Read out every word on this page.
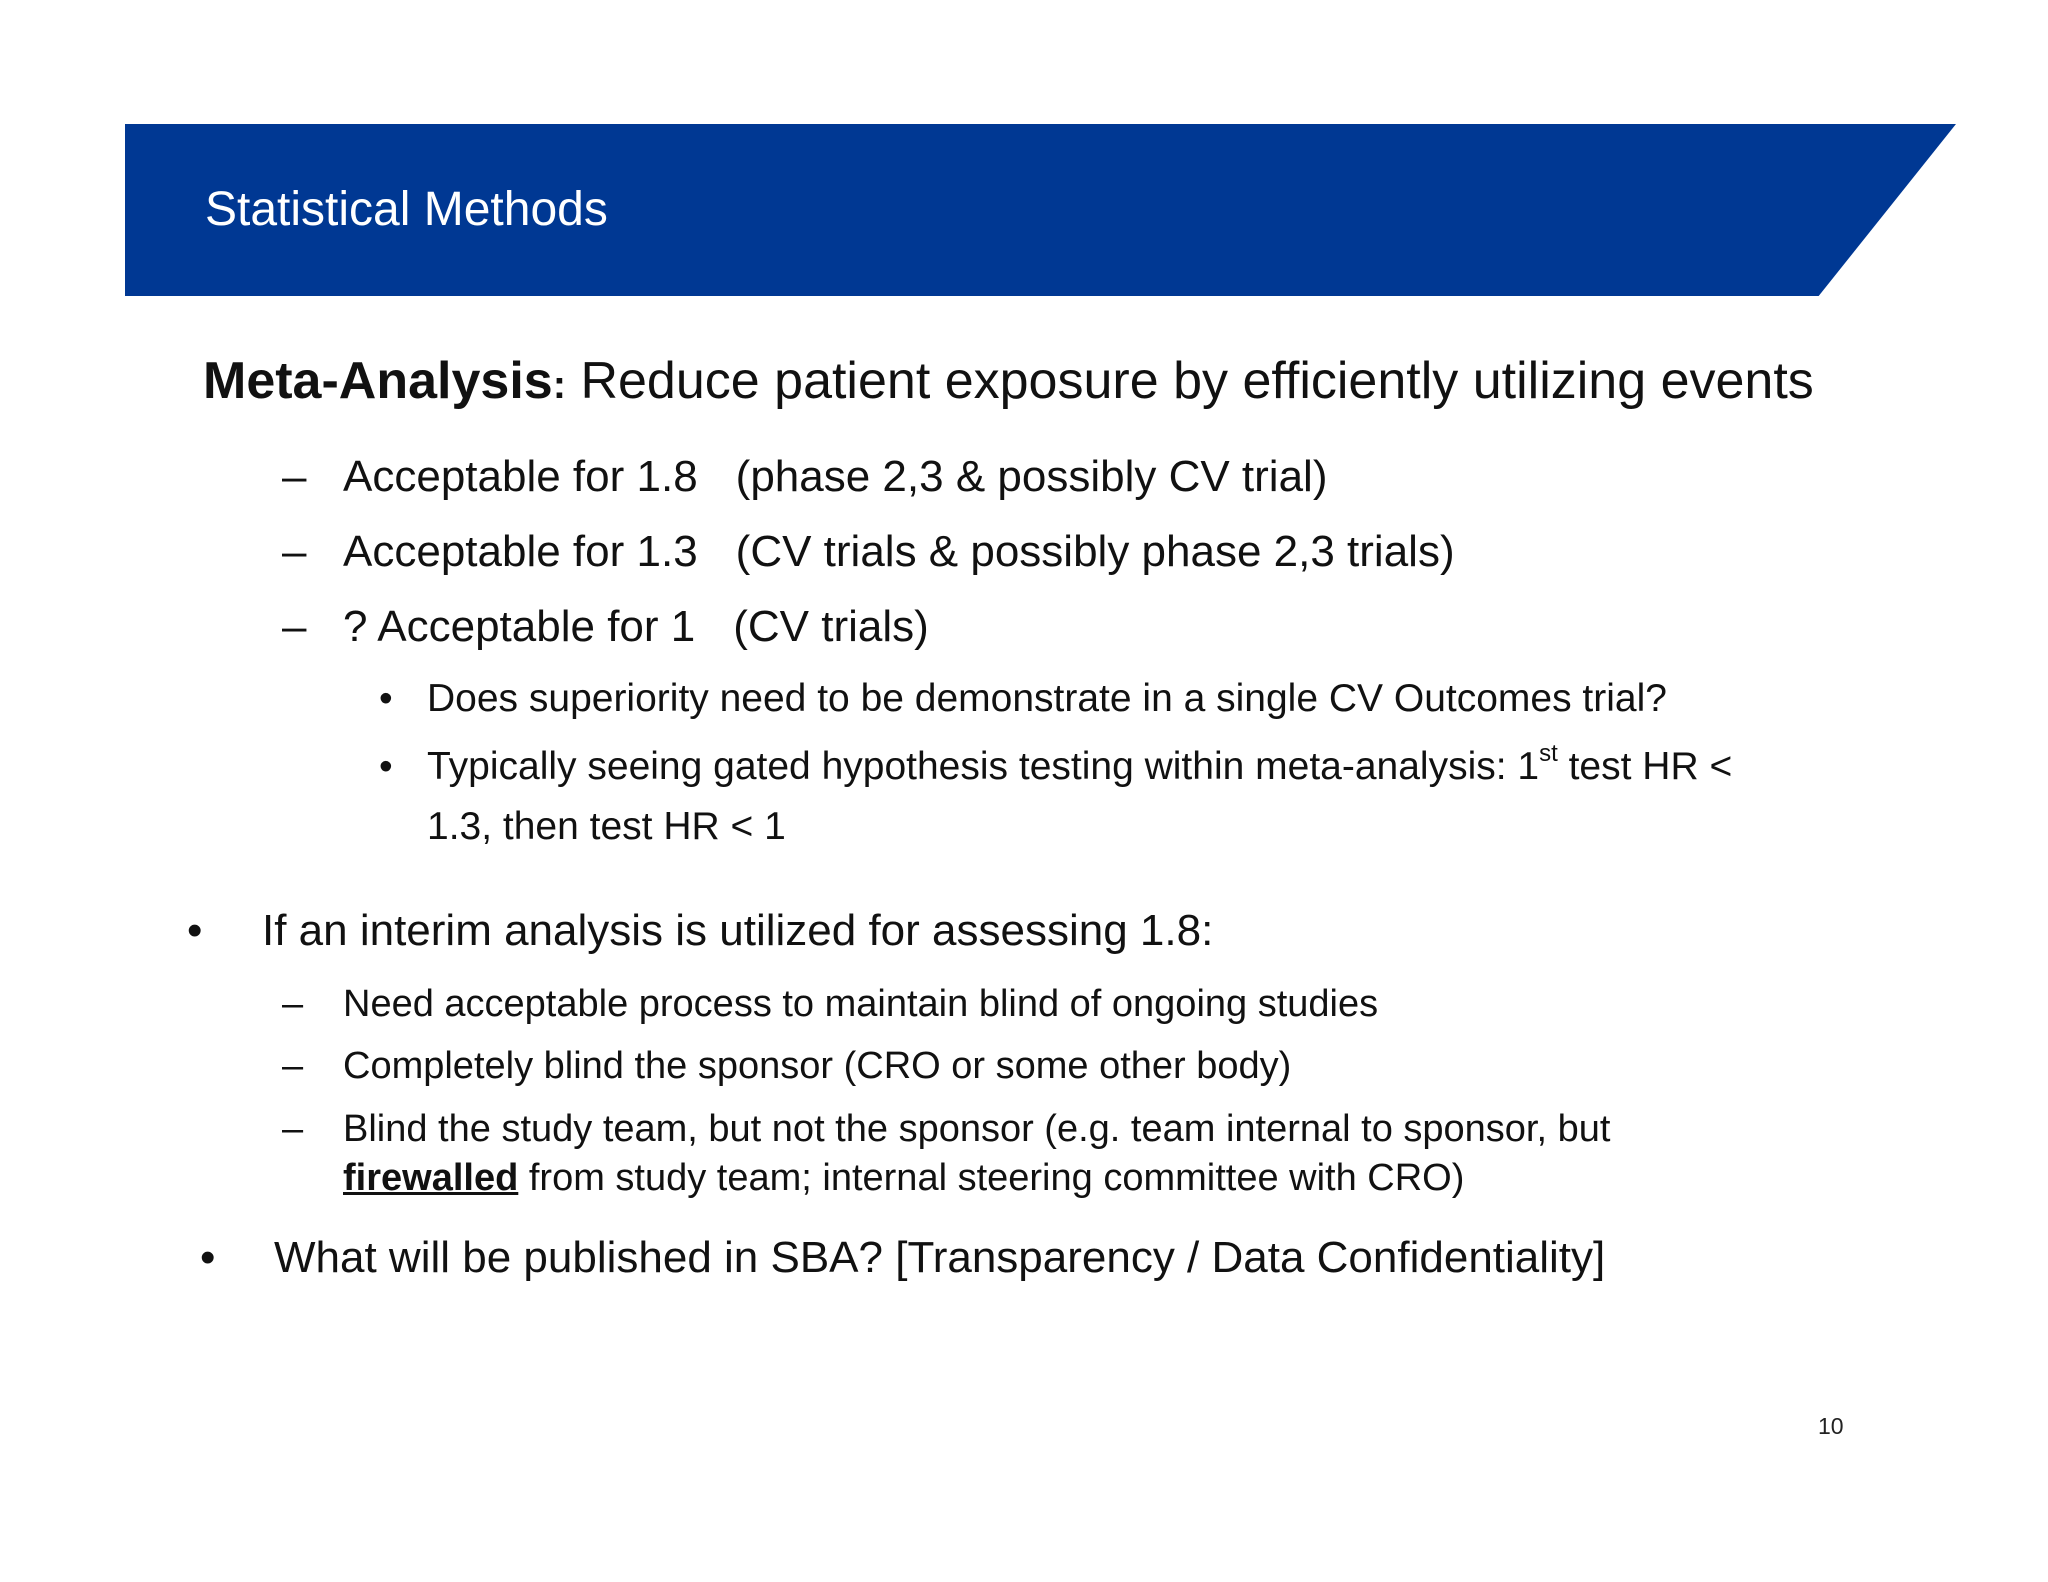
Statistical Methods
Meta-Analysis: Reduce patient exposure by efficiently utilizing events
– Acceptable for 1.8 (phase 2,3 & possibly CV trial)
– Acceptable for 1.3 (CV trials & possibly phase 2,3 trials)
– ? Acceptable for 1 (CV trials)
• Does superiority need to be demonstrate in a single CV Outcomes trial?
• Typically seeing gated hypothesis testing within meta-analysis: 1st test HR <
1.3, then test HR < 1
• If an interim analysis is utilized for assessing 1.8:
– Need acceptable process to maintain blind of ongoing studies
– Completely blind the sponsor (CRO or some other body)
– Blind the study team, but not the sponsor (e.g. team internal to sponsor, but
firewalled from study team; internal steering committee with CRO)
• What will be published in SBA? [Transparency / Data Confidentiality]
10
